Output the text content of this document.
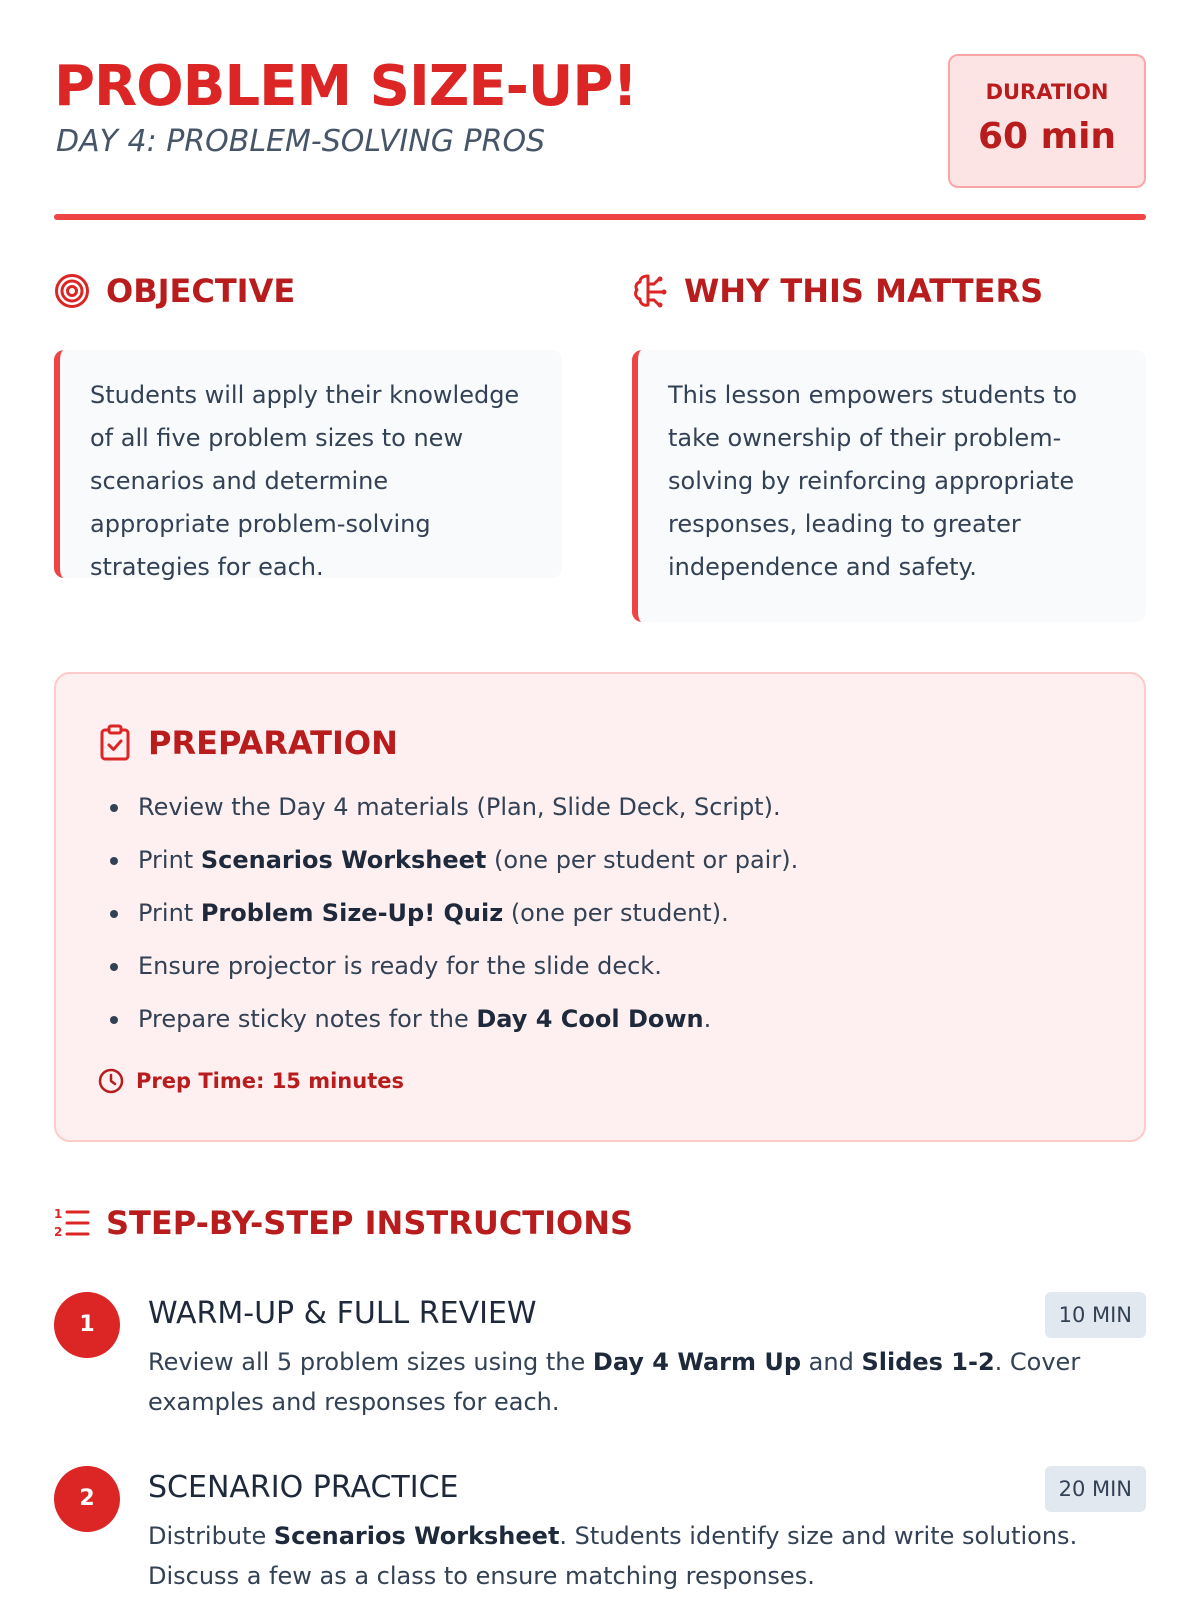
PROBLEM SIZE-UP!
DAY 4: PROBLEM-SOLVING PROS
DURATION
60 min
OBJECTIVE

Students will apply their knowledge of all five problem sizes to new scenarios and determine appropriate problem-solving strategies for each.

WHY THIS MATTERS

This lesson empowers students to take ownership of their problem-solving by reinforcing appropriate responses, leading to greater independence and safety.

PREPARATION
Review the Day 4 materials (Plan, Slide Deck, Script).
Print Scenarios Worksheet (one per student or pair).
Print Problem Size-Up! Quiz (one per student).
Ensure projector is ready for the slide deck.
Prepare sticky notes for the Day 4 Cool Down.
Prep Time: 15 minutes
1
2 STEP-BY-STEP INSTRUCTIONS
1	WARM-UP & FULL REVIEW	10 MIN
Review all 5 problem sizes using the Day 4 Warm Up and Slides 1-2. Cover examples and responses for each.
2	SCENARIO PRACTICE	20 MIN
Distribute Scenarios Worksheet. Students identify size and write solutions. Discuss a few as a class to ensure matching responses.
